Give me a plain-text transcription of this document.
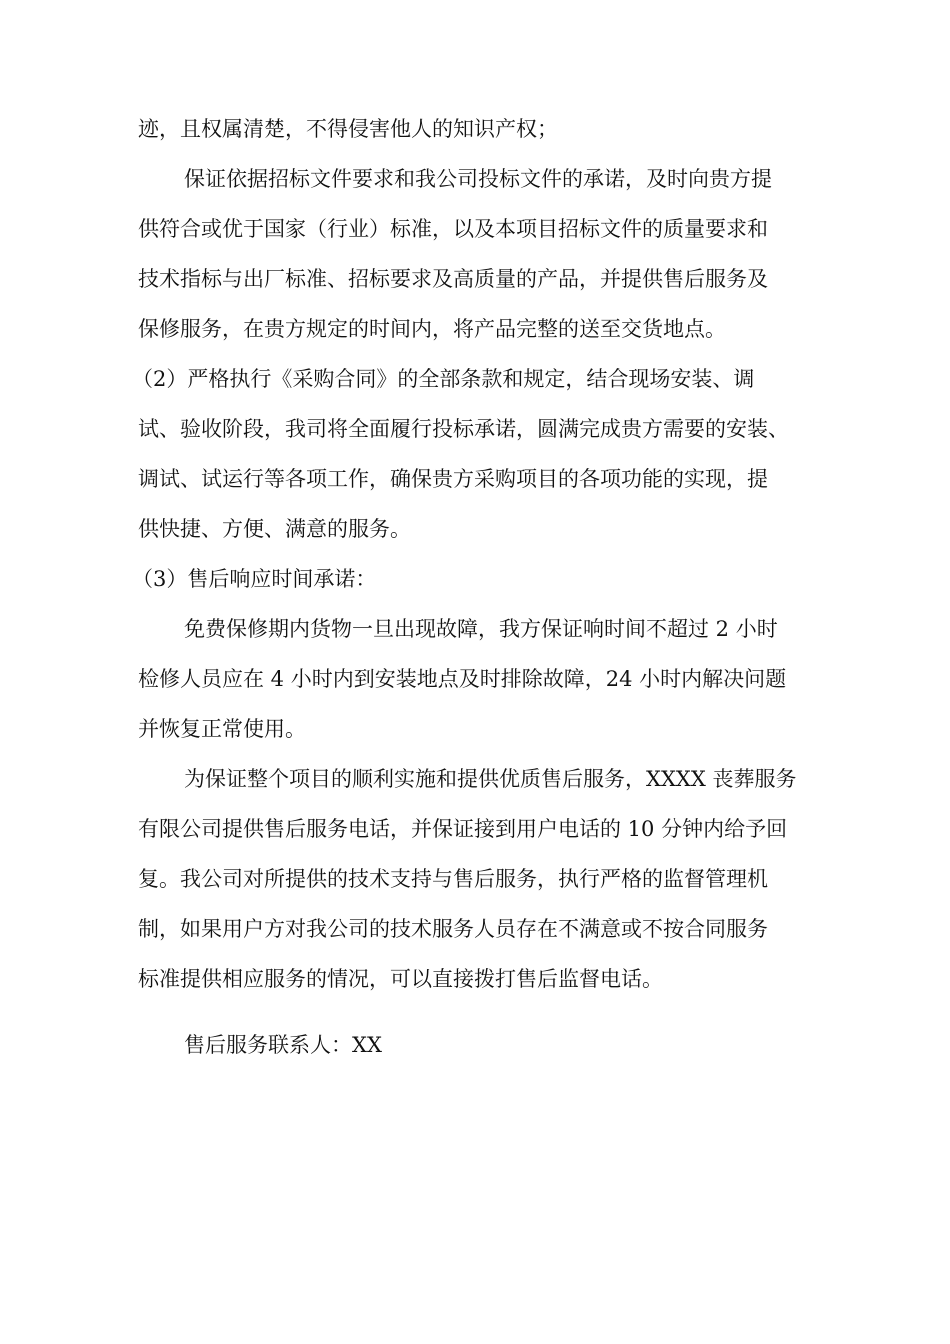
迹，且权属清楚，不得侵害他人的知识产权；
保证依据招标文件要求和我公司投标文件的承诺，及时向贵方提
供符合或优于国家（行业）标准，以及本项目招标文件的质量要求和
技术指标与出厂标准、招标要求及高质量的产品，并提供售后服务及
保修服务，在贵方规定的时间内，将产品完整的送至交货地点。
（2）严格执行《采购合同》的全部条款和规定，结合现场安装、调
试、验收阶段，我司将全面履行投标承诺，圆满完成贵方需要的安装、
调试、试运行等各项工作，确保贵方采购项目的各项功能的实现，提
供快捷、方便、满意的服务。
（3）售后响应时间承诺：
免费保修期内货物一旦出现故障，我方保证响时间不超过 2 小时
检修人员应在 4 小时内到安装地点及时排除故障，24 小时内解决问题
并恢复正常使用。
为保证整个项目的顺利实施和提供优质售后服务，XXXX 丧葬服务
有限公司提供售后服务电话，并保证接到用户电话的 10 分钟内给予回
复。我公司对所提供的技术支持与售后服务，执行严格的监督管理机
制，如果用户方对我公司的技术服务人员存在不满意或不按合同服务
标准提供相应服务的情况，可以直接拨打售后监督电话。
售后服务联系人：XX
